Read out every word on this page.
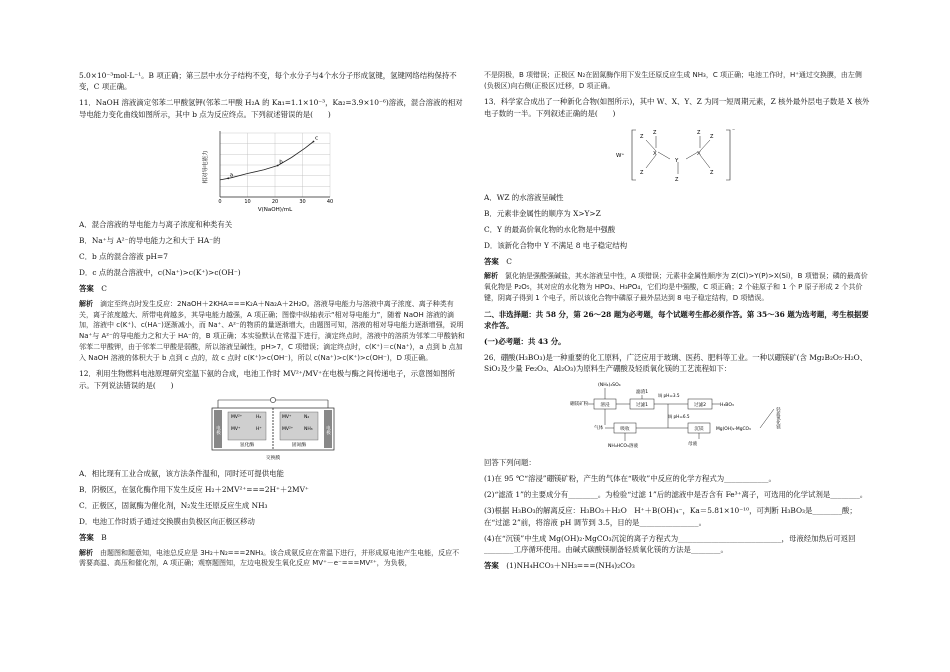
5.0×10⁻³mol·L⁻¹。B 项正确；第三层中水分子结构不变，每个水分子与4个水分子形成氢键，氢键网络结构保持不变，C 项正确。

11．NaOH 溶液滴定邻苯二甲酸氢钾(邻苯二甲酸 H₂A 的 Ka₁=1.1×10⁻³，Ka₂=3.9×10⁻⁶)溶液，混合溶液的相对导电能力变化曲线如图所示，其中 b 点为反应终点。下列叙述错误的是(　　)

相对导电能力
0	10	20	30	40
a
b
c
V(NaOH)/mL

A．混合溶液的导电能力与离子浓度和种类有关

B．Na⁺与 A²⁻的导电能力之和大于 HA⁻的

C．b 点的混合溶液 pH=7

D．c 点的混合溶液中，c(Na⁺)>c(K⁺)>c(OH⁻)

答案　 C

解析　 滴定至终点时发生反应：2NaOH＋2KHA===K₂A＋Na₂A＋2H₂O。溶液导电能力与溶液中离子浓度、离子种类有关，离子浓度越大、所带电荷越多，其导电能力越强，A 项正确；图像中纵轴表示“相对导电能力”，随着 NaOH 溶液的滴加，溶液中 c(K⁺)、c(HA⁻)逐渐减小，而 Na⁺、A²⁻的物质的量逐渐增大，由题图可知，溶液的相对导电能力逐渐增强，说明 Na⁺与 A²⁻的导电能力之和大于 HA⁻的，B 项正确；本实验默认在常温下进行，滴定终点时，溶液中的溶质为邻苯二甲酸钠和邻苯二甲酸钾，由于邻苯二甲酸是弱酸，所以溶液呈碱性，pH>7，C 项错误；滴定终点时，c(K⁺)＝c(Na⁺)，a 点到 b 点加入 NaOH 溶液的体积大于 b 点到 c 点的，故 c 点时 c(K⁺)>c(OH⁻)，所以 c(Na⁺)>c(K⁺)>c(OH⁻)，D 项正确。

12．利用生物燃料电池原理研究室温下氨的合成，电池工作时 MV²⁺/MV⁺在电极与酶之间传递电子，示意图如图所示。下列说法错误的是(　　)

电极	电极
MV²⁺
MV⁺
H₂
H⁺
N₂
NH₃
MV⁺
MV²⁺
氢化酶	固氮酶
交换膜

A．相比现有工业合成氨，该方法条件温和，同时还可提供电能

B．阴极区，在氢化酶作用下发生反应 H₂＋2MV²⁺===2H⁺＋2MV⁺

C．正极区，固氮酶为催化剂，N₂发生还原反应生成 NH₃

D．电池工作时质子通过交换膜由负极区向正极区移动

答案　 B

解析　 由题图和题意知，电池总反应是 3H₂＋N₂===2NH₃。该合成氨反应在常温下进行，并形成原电池产生电能，反应不需要高温、高压和催化剂，A 项正确；观察题图知，左边电极发生氧化反应 MV⁺－e⁻===MV²⁺，为负极，

不是阴极，B 项错误；正极区 N₂在固氮酶作用下发生还原反应生成 NH₃，C 项正确；电池工作时，H⁺通过交换膜，由左侧(负极区)向右侧(正极区)迁移，D 项正确。

13．科学家合成出了一种新化合物(如图所示)，其中 W、X、Y、Z 为同一短周期元素，Z 核外最外层电子数是 X 核外电子数的一半。下列叙述正确的是(　　)

W⁺
⁻
X
Y
X
Z
Z
Z
Z
Z
Z
Z

A．WZ 的水溶液呈碱性

B．元素非金属性的顺序为 X>Y>Z

C．Y 的最高价氧化物的水化物是中强酸

D．该新化合物中 Y 不满足 8 电子稳定结构

答案　 C

解析　 氯化钠是强酸强碱盐，其水溶液呈中性，A 项错误；元素非金属性顺序为 Z(Cl)>Y(P)>X(Si)，B 项错误；磷的最高价氧化物是 P₂O₅，其对应的水化物为 HPO₃、H₃PO₄，它们均是中强酸，C 项正确；2 个硅原子和 1 个 P 原子形成 2 个共价键，阴离子得到 1 个电子，所以该化合物中磷原子最外层达到 8 电子稳定结构，D 项错误。

二、非选择题：共 58 分，第 26～28 题为必考题，每个试题考生都必须作答。第 35～36 题为选考题，考生根据要求作答。

(一)必考题：共 43 分。

26．硼酸(H₃BO₃)是一种重要的化工原料，广泛应用于玻璃、医药、肥料等工业。一种以硼镁矿(含 Mg₂B₂O₅·H₂O、SiO₂及少量 Fe₂O₃、Al₂O₃)为原料生产硼酸及轻质氧化镁的工艺流程如下：

(NH₄)₂SO₄
滤渣1
硼镁矿粉	溶浸	过滤1
调 pH=3.5
过滤2	H₃BO₃
调 pH=6.5
气体	吸收	沉镁	Mg(OH)₂·MgCO₃
轻质氧化镁
母液
NH₄HCO₃溶液

回答下列问题：

(1)在 95 ℃“溶浸”硼镁矿粉，产生的气体在“吸收”中反应的化学方程式为____________。

(2)“滤渣 1”的主要成分有________。为检验“过滤 1”后的滤液中是否含有 Fe³⁺离子，可选用的化学试剂是________。

(3)根据 H₃BO₃的解离反应：H₃BO₃＋H₂O　H⁺＋B(OH)₄⁻，Ka＝5.81×10⁻¹⁰，可判断 H₃BO₃是________酸；在“过滤 2”前，将溶液 pH 调节到 3.5，目的是________________。

(4)在“沉镁”中生成 Mg(OH)₂·MgCO₃沉淀的离子方程式为____________________________，母液经加热后可返回________工序循环使用。由碱式碳酸镁制备轻质氧化镁的方法是________。

答案　 (1)NH₄HCO₃＋NH₃===(NH₄)₂CO₃
